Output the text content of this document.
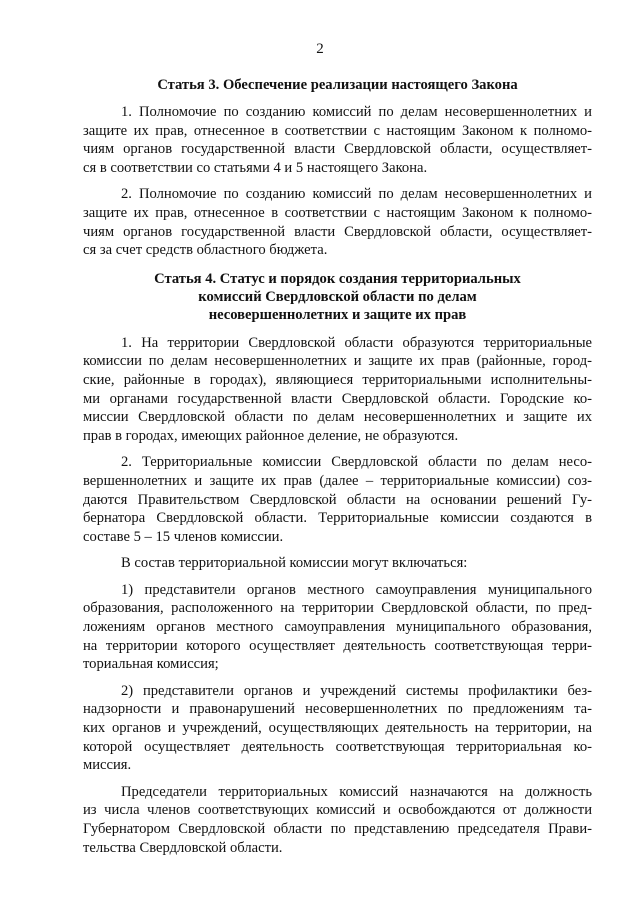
2
Статья 3. Обеспечение реализации настоящего Закона
1. Полномочие по созданию комиссий по делам несовершеннолетних и
защите их прав, отнесенное в соответствии с настоящим Законом к полномо-
чиям органов государственной власти Свердловской области, осуществляет-
ся в соответствии со статьями 4 и 5 настоящего Закона.
2. Полномочие по созданию комиссий по делам несовершеннолетних и
защите их прав, отнесенное в соответствии с настоящим Законом к полномо-
чиям органов государственной власти Свердловской области, осуществляет-
ся за счет средств областного бюджета.
Статья 4. Статус и порядок создания территориальных
комиссий Свердловской области по делам
несовершеннолетних и защите их прав
1. На территории Свердловской области образуются территориальные
комиссии по делам несовершеннолетних и защите их прав (районные, город-
ские, районные в городах), являющиеся территориальными исполнительны-
ми органами государственной власти Свердловской области. Городские ко-
миссии Свердловской области по делам несовершеннолетних и защите их
прав в городах, имеющих районное деление, не образуются.
2. Территориальные комиссии Свердловской области по делам несо-
вершеннолетних и защите их прав (далее – территориальные комиссии) соз-
даются Правительством Свердловской области на основании решений Гу-
бернатора Свердловской области. Территориальные комиссии создаются в
составе 5 – 15 членов комиссии.
В состав территориальной комиссии могут включаться:
1) представители органов местного самоуправления муниципального
образования, расположенного на территории Свердловской области, по пред-
ложениям органов местного самоуправления муниципального образования,
на территории которого осуществляет деятельность соответствующая терри-
ториальная комиссия;
2) представители органов и учреждений системы профилактики без-
надзорности и правонарушений несовершеннолетних по предложениям та-
ких органов и учреждений, осуществляющих деятельность на территории, на
которой осуществляет деятельность соответствующая территориальная ко-
миссия.
Председатели территориальных комиссий назначаются на должность
из числа членов соответствующих комиссий и освобождаются от должности
Губернатором Свердловской области по представлению председателя Прави-
тельства Свердловской области.
